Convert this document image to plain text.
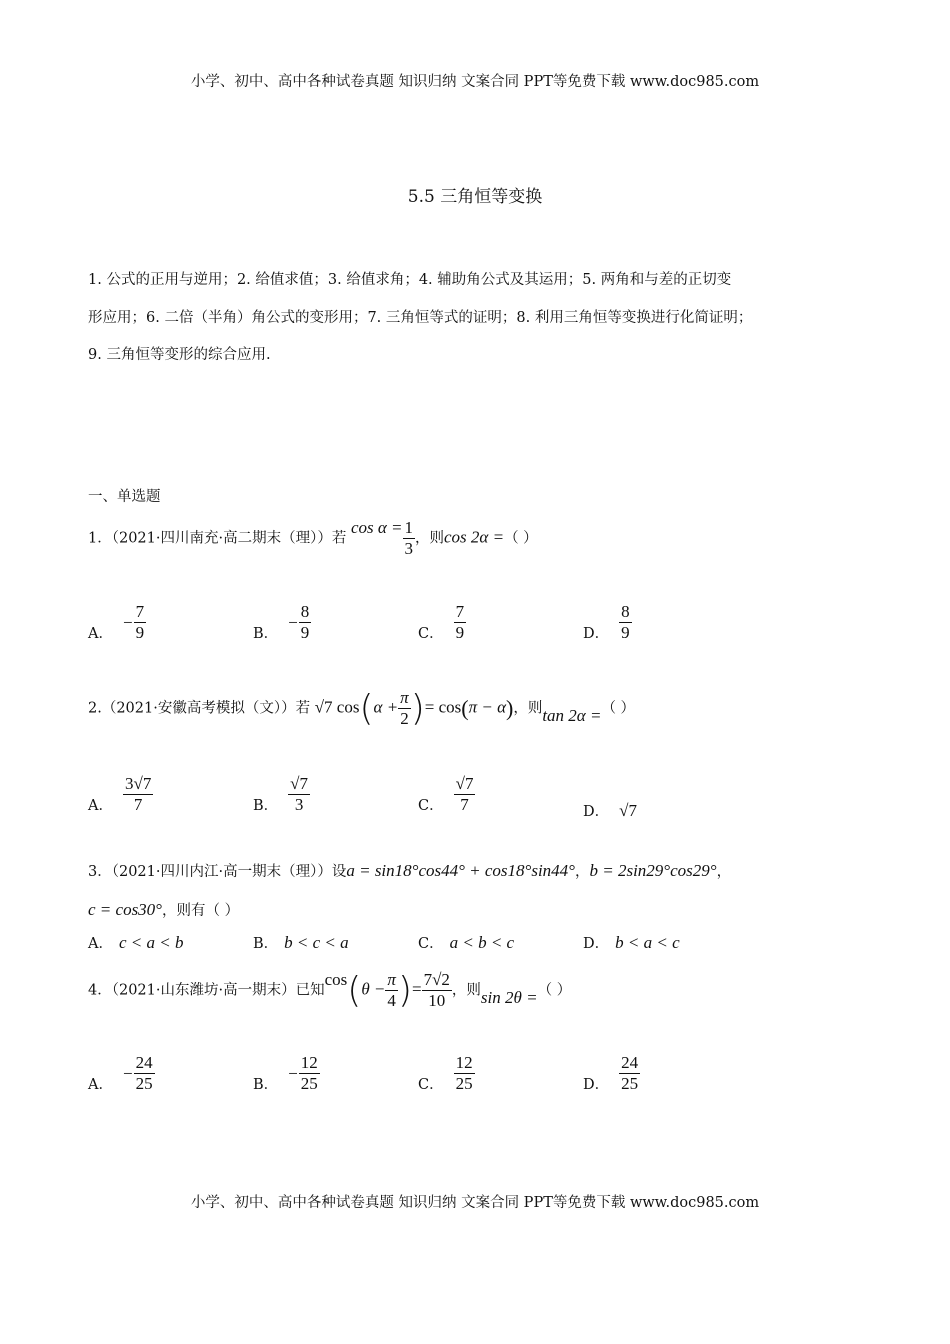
小学、初中、高中各种试卷真题 知识归纳 文案合同 PPT等免费下载 www.doc985.com
5.5 三角恒等变换
1. 公式的正用与逆用；2. 给值求值；3. 给值求角；4. 辅助角公式及其运用；5. 两角和与差的正切变
形应用；6. 二倍（半角）角公式的变形用；7. 三角恒等式的证明；8. 利用三角恒等变换进行化简证明；
9. 三角恒等变形的综合应用.
一、单选题
1．（2021·四川南充·高二期末（理））若 $\cos \alpha = \frac{1}{3}$ ，则cos 2α =（ ）
A．− $\frac{7}{9}$	B．− $\frac{8}{9}$	C． $\frac{7}{9}$	D． $\frac{8}{9}$
2.（2021·安徽高考模拟（文））若 √7 $\cos(\alpha + \frac{\pi}{2}$ )= cos(π − α)，则tan 2α =（ ）
A． $\frac{3√7}{7}$	B． $\frac{√7}{3}$	C． $\frac{√7}{7}$	D． √7
3．（2021·四川内江·高一期末（理））设a = sin18°cos44° + cos18°sin44°，b = 2sin29°cos29°，
c = cos30°，则有（ ）
A． c < a < b	B． b < c < a	C． a < b < c	D． b < a < c
4．（2021·山东潍坊·高一期末）已知$\cos(\theta - \frac{\pi}{4}$ )= $\frac{7√2}{10}$ ，则sin 2θ =（ ）
A．− $\frac{24}{25}$	B．− $\frac{12}{25}$	C． $\frac{12}{25}$	D． $\frac{24}{25}$
小学、初中、高中各种试卷真题 知识归纳 文案合同 PPT等免费下载 www.doc985.com
